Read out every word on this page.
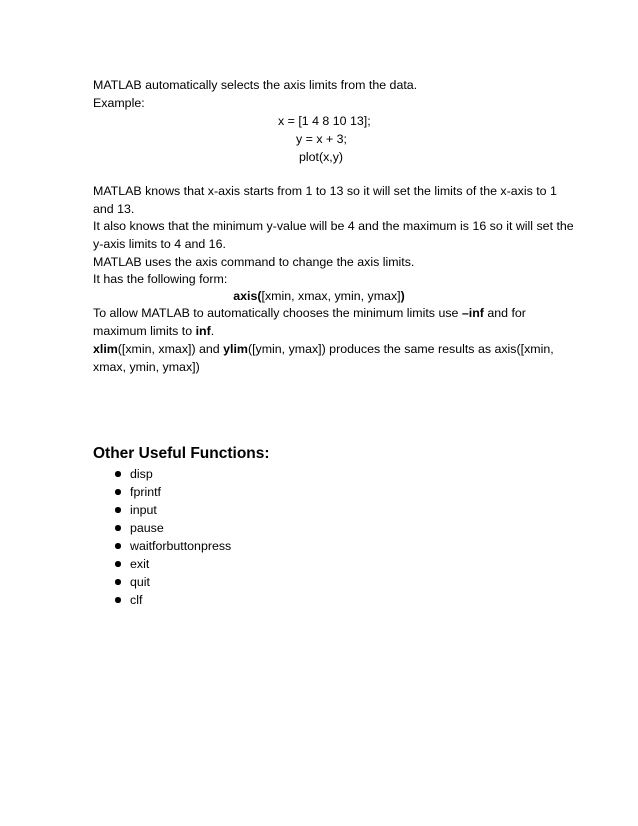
MATLAB automatically selects the axis limits from the data.
Example:
x = [1 4 8 10 13];
y = x + 3;
plot(x,y)
MATLAB knows that x-axis starts from 1 to 13 so it will set the limits of the x-axis to 1
and 13.
It also knows that the minimum y-value will be 4 and the maximum is 16 so it will set the
y-axis limits to 4 and 16.
MATLAB uses the axis command to change the axis limits.
It has the following form:
axis([xmin, xmax, ymin, ymax])
To allow MATLAB to automatically chooses the minimum limits use –inf and for
maximum limits to inf.
xlim([xmin, xmax]) and ylim([ymin, ymax]) produces the same results as axis([xmin,
xmax, ymin, ymax])
Other Useful Functions:
disp
fprintf
input
pause
waitforbuttonpress
exit
quit
clf
